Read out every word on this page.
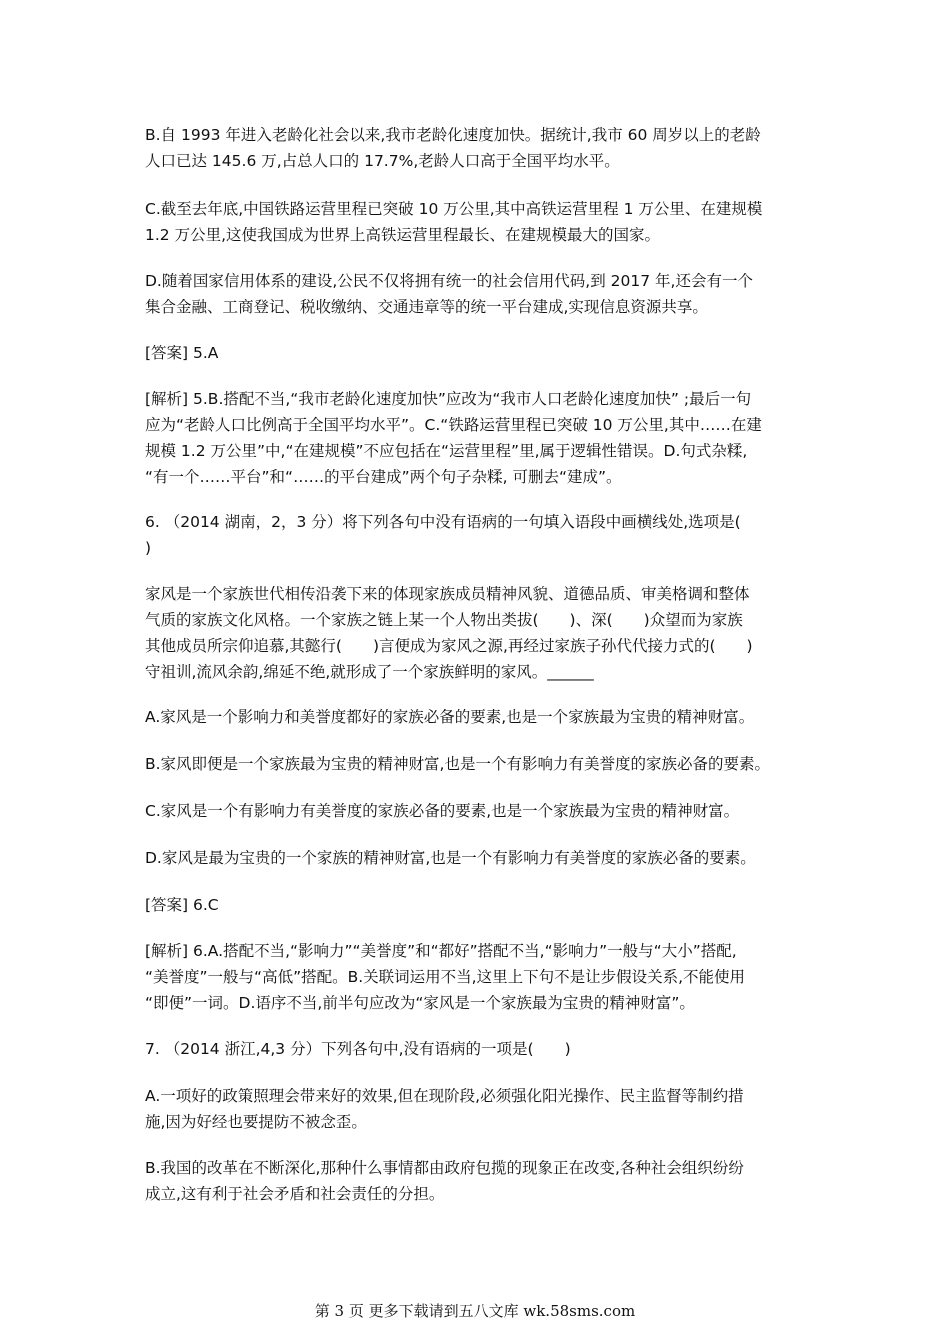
B.自 1993 年进入老龄化社会以来,我市老龄化速度加快。据统计,我市 60 周岁以上的老龄
人口已达 145.6 万,占总人口的 17.7%,老龄人口高于全国平均水平。

C.截至去年底,中国铁路运营里程已突破 10 万公里,其中高铁运营里程 1 万公里、在建规模
1.2 万公里,这使我国成为世界上高铁运营里程最长、在建规模最大的国家。

D.随着国家信用体系的建设,公民不仅将拥有统一的社会信用代码,到 2017 年,还会有一个
集合金融、工商登记、税收缴纳、交通违章等的统一平台建成,实现信息资源共享。

[答案] 5.A

[解析] 5.B.搭配不当,“我市老龄化速度加快”应改为“我市人口老龄化速度加快” ;最后一句
应为“老龄人口比例高于全国平均水平”。C.“铁路运营里程已突破 10 万公里,其中……在建
规模 1.2 万公里”中,“在建规模”不应包括在“运营里程”里,属于逻辑性错误。D.句式杂糅,
“有一个……平台”和“……的平台建成”两个句子杂糅, 可删去“建成”。

6. （2014 湖南，2，3 分）将下列各句中没有语病的一句填入语段中画横线处,选项是(
)

家风是一个家族世代相传沿袭下来的体现家族成员精神风貌、道德品质、审美格调和整体
气质的家族文化风格。一个家族之链上某一个人物出类拔(　　)、深(　　)众望而为家族
其他成员所宗仰追慕,其懿行(　　)言便成为家风之源,再经过家族子孙代代接力式的(　　)
守祖训,流风余韵,绵延不绝,就形成了一个家族鲜明的家风。______

A.家风是一个影响力和美誉度都好的家族必备的要素,也是一个家族最为宝贵的精神财富。

B.家风即便是一个家族最为宝贵的精神财富,也是一个有影响力有美誉度的家族必备的要素。

C.家风是一个有影响力有美誉度的家族必备的要素,也是一个家族最为宝贵的精神财富。

D.家风是最为宝贵的一个家族的精神财富,也是一个有影响力有美誉度的家族必备的要素。

[答案] 6.C

[解析] 6.A.搭配不当,“影响力”“美誉度”和“都好”搭配不当,“影响力”一般与“大小”搭配,
“美誉度”一般与“高低”搭配。B.关联词运用不当,这里上下句不是让步假设关系,不能使用
“即便”一词。D.语序不当,前半句应改为“家风是一个家族最为宝贵的精神财富”。

7. （2014 浙江,4,3 分）下列各句中,没有语病的一项是(　　)

A.一项好的政策照理会带来好的效果,但在现阶段,必须强化阳光操作、民主监督等制约措
施,因为好经也要提防不被念歪。

B.我国的改革在不断深化,那种什么事情都由政府包揽的现象正在改变,各种社会组织纷纷
成立,这有利于社会矛盾和社会责任的分担。

第 3 页 更多下载请到五八文库 wk.58sms.com
